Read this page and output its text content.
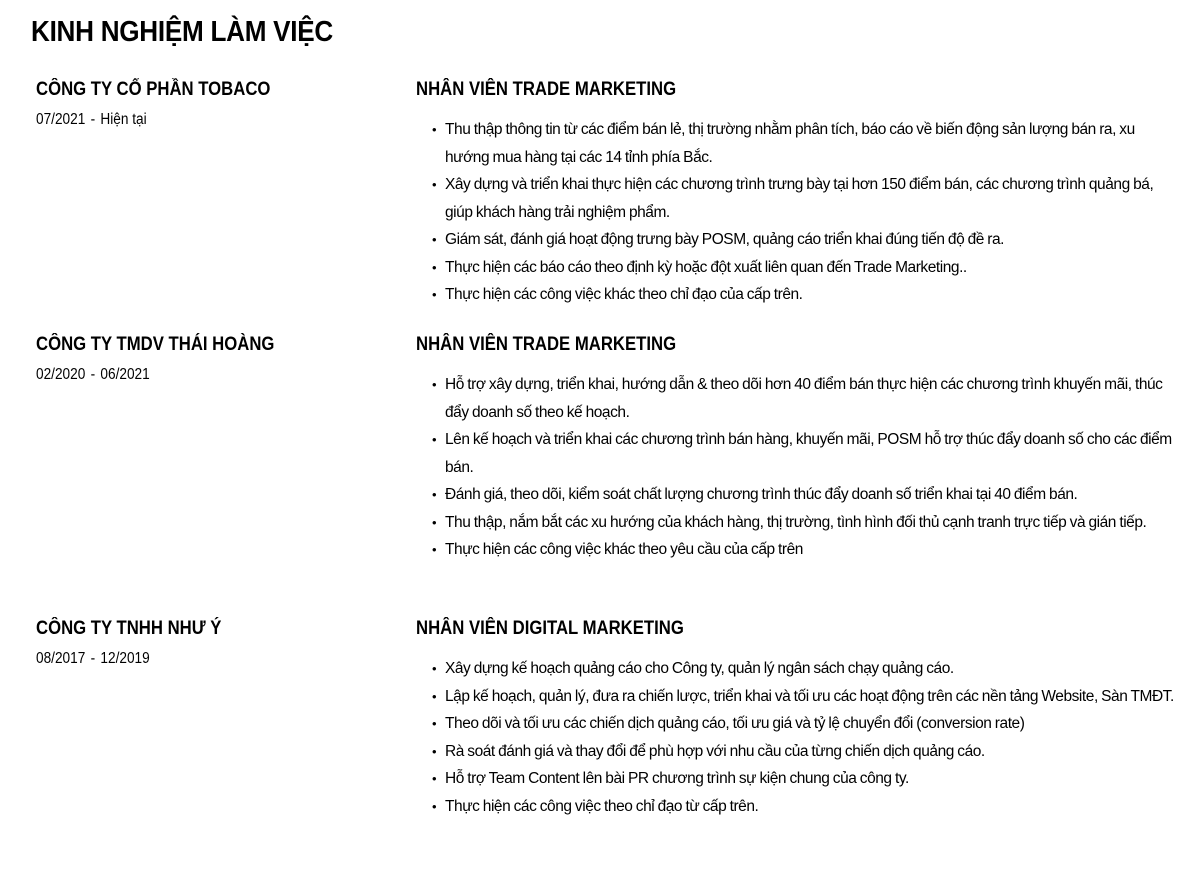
KINH NGHIỆM LÀM VIỆC
CÔNG TY CỔ PHẦN TOBACO
07/2021 - Hiện tại
NHÂN VIÊN TRADE MARKETING
• Thu thập thông tin từ các điểm bán lẻ, thị trường nhằm phân tích, báo cáo về biến động sản lượng bán ra, xu hướng mua hàng tại các 14 tỉnh phía Bắc.
• Xây dựng và triển khai thực hiện các chương trình trưng bày tại hơn 150 điểm bán, các chương trình quảng bá, giúp khách hàng trải nghiệm phẩm.
• Giám sát, đánh giá hoạt động trưng bày POSM, quảng cáo triển khai đúng tiến độ đề ra.
• Thực hiện các báo cáo theo định kỳ hoặc đột xuất liên quan đến Trade Marketing..
• Thực hiện các công việc khác theo chỉ đạo của cấp trên.
CÔNG TY TMDV THÁI HOÀNG
02/2020 - 06/2021
NHÂN VIÊN TRADE MARKETING
• Hỗ trợ xây dựng, triển khai, hướng dẫn & theo dõi hơn 40 điểm bán thực hiện các chương trình khuyến mãi, thúc đẩy doanh số theo kế hoạch.
• Lên kế hoạch và triển khai các chương trình bán hàng, khuyến mãi, POSM hỗ trợ thúc đẩy doanh số cho các điểm bán.
• Đánh giá, theo dõi, kiểm soát chất lượng chương trình thúc đẩy doanh số triển khai tại 40 điểm bán.
• Thu thập, nắm bắt các xu hướng của khách hàng, thị trường, tình hình đối thủ cạnh tranh trực tiếp và gián tiếp.
• Thực hiện các công việc khác theo yêu cầu của cấp trên
CÔNG TY TNHH NHƯ Ý
08/2017 - 12/2019
NHÂN VIÊN DIGITAL MARKETING
• Xây dựng kế hoạch quảng cáo cho Công ty, quản lý ngân sách chạy quảng cáo.
• Lập kế hoạch, quản lý, đưa ra chiến lược, triển khai và tối ưu các hoạt động trên các nền tảng Website, Sàn TMĐT.
• Theo dõi và tối ưu các chiến dịch quảng cáo, tối ưu giá và tỷ lệ chuyển đổi (conversion rate)
• Rà soát đánh giá và thay đổi để phù hợp với nhu cầu của từng chiến dịch quảng cáo.
• Hỗ trợ Team Content lên bài PR chương trình sự kiện chung của công ty.
• Thực hiện các công việc theo chỉ đạo từ cấp trên.
